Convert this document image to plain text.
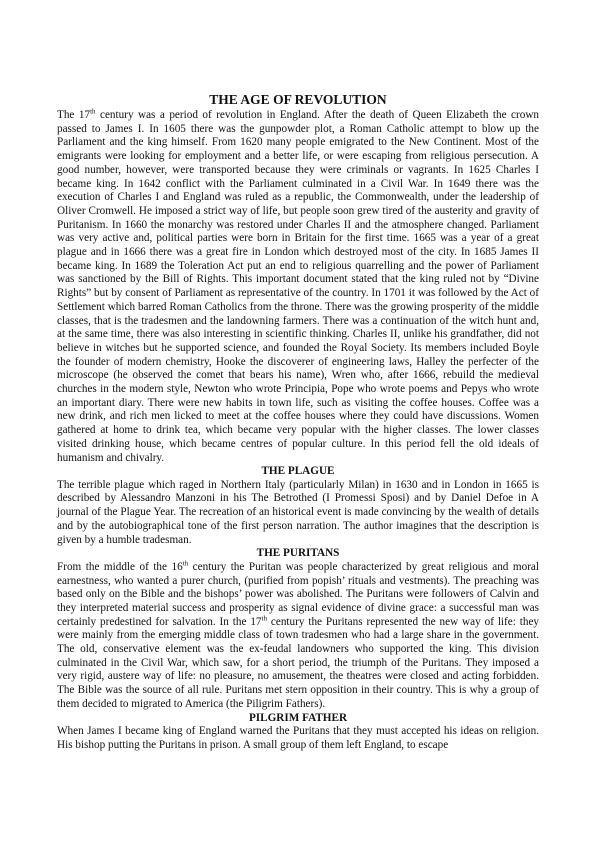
THE AGE OF REVOLUTION

The 17th century was a period of revolution in England. After the death of Queen Elizabeth the crown passed to James I. In 1605 there was the gunpowder plot, a Roman Catholic attempt to blow up the Parliament and the king himself. From 1620 many people emigrated to the New Continent. Most of the emigrants were looking for employment and a better life, or were escaping from religious persecution. A good number, however, were transported because they were criminals or vagrants. In 1625 Charles I became king. In 1642 conflict with the Parliament culminated in a Civil War. In 1649 there was the execution of Charles I and England was ruled as a republic, the Commonwealth, under the leadership of Oliver Cromwell. He imposed a strict way of life, but people soon grew tired of the austerity and gravity of Puritanism. In 1660 the monarchy was restored under Charles II and the atmosphere changed. Parliament was very active and, political parties were born in Britain for the first time. 1665 was a year of a great plague and in 1666 there was a great fire in London which destroyed most of the city. In 1685 James II became king. In 1689 the Toleration Act put an end to religious quarrelling and the power of Parliament was sanctioned by the Bill of Rights. This important document stated that the king ruled not by “Divine Rights” but by consent of Parliament as representative of the country. In 1701 it was followed by the Act of Settlement which barred Roman Catholics from the throne. There was the growing prosperity of the middle classes, that is the tradesmen and the landowning farmers. There was a continuation of the witch hunt and, at the same time, there was also interesting in scientific thinking. Charles II, unlike his grandfather, did not believe in witches but he supported science, and founded the Royal Society. Its members included Boyle the founder of modern chemistry, Hooke the discoverer of engineering laws, Halley the perfecter of the microscope (he observed the comet that bears his name), Wren who, after 1666, rebuild the medieval churches in the modern style, Newton who wrote Principia, Pope who wrote poems and Pepys who wrote an important diary. There were new habits in town life, such as visiting the coffee houses. Coffee was a new drink, and rich men licked to meet at the coffee houses where they could have discussions. Women gathered at home to drink tea, which became very popular with the higher classes. The lower classes visited drinking house, which became centres of popular culture. In this period fell the old ideals of humanism and chivalry.

THE PLAGUE

The terrible plague which raged in Northern Italy (particularly Milan) in 1630 and in London in 1665 is described by Alessandro Manzoni in his The Betrothed (I Promessi Sposi) and by Daniel Defoe in A journal of the Plague Year. The recreation of an historical event is made convincing by the wealth of details and by the autobiographical tone of the first person narration. The author imagines that the description is given by a humble tradesman.

THE PURITANS

From the middle of the 16th century the Puritan was people characterized by great religious and moral earnestness, who wanted a purer church, (purified from popish’ rituals and vestments). The preaching was based only on the Bible and the bishops’ power was abolished. The Puritans were followers of Calvin and they interpreted material success and prosperity as signal evidence of divine grace: a successful man was certainly predestined for salvation. In the 17th century the Puritans represented the new way of life: they were mainly from the emerging middle class of town tradesmen who had a large share in the government. The old, conservative element was the ex-feudal landowners who supported the king. This division culminated in the Civil War, which saw, for a short period, the triumph of the Puritans. They imposed a very rigid, austere way of life: no pleasure, no amusement, the theatres were closed and acting forbidden. The Bible was the source of all rule. Puritans met stern opposition in their country. This is why a group of them decided to migrated to America (the Piligrim Fathers).

PILGRIM FATHER

When James I became king of England warned the Puritans that they must accepted his ideas on religion. His bishop putting the Puritans in prison. A small group of them left England, to escape
